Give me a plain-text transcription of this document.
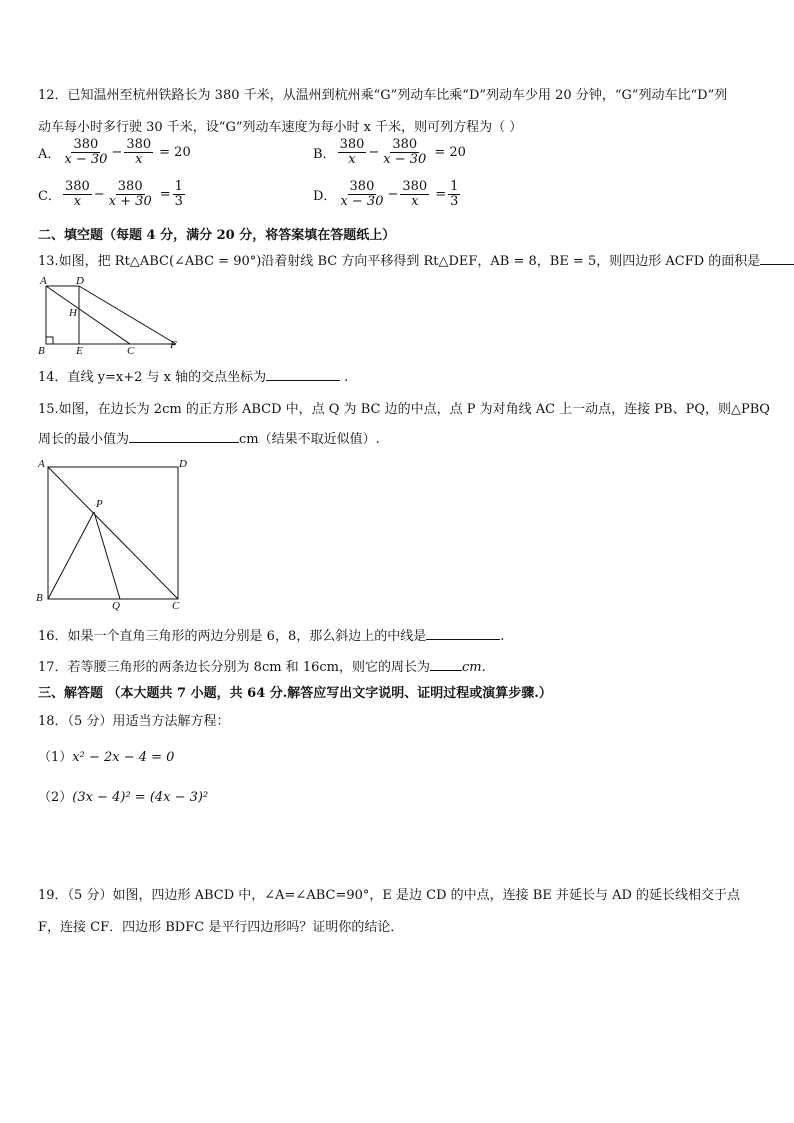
12．已知温州至杭州铁路长为 380 千米，从温州到杭州乘“G”列动车比乘“D”列动车少用 20 分钟，“G”列动车比“D”列
动车每小时多行驶 30 千米，设“G”列动车速度为每小时 x 千米，则可列方程为（ ）
A． $\frac{380}{x - 30} - \frac{380}{x} = 20$	B． $\frac{380}{x} - \frac{380}{x - 30} = 20$
C． $\frac{380}{x} - \frac{380}{x + 30} = \frac{1}{3}$	D． $\frac{380}{x - 30} - \frac{380}{x} = \frac{1}{3}$
二、填空题（每题 4 分，满分 20 分，将答案填在答题纸上）
13.如图，把 Rt△ABC(∠ABC = 90°)沿着射线 BC 方向平移得到 Rt△DEF，AB = 8，BE = 5，则四边形 ACFD 的面积是
A	D
H
B	E	C	F
14．直线 y=x+2 与 x 轴的交点坐标为	.
15.如图，在边长为 2cm 的正方形 ABCD 中，点 Q 为 BC 边的中点，点 P 为对角线 AC 上一动点，连接 PB、PQ，则△PBQ
周长的最小值为	cm（结果不取近似值）.
A	D
P
B
Q	C
16．如果一个直角三角形的两边分别是 6，8，那么斜边上的中线是	.
17．若等腰三角形的两条边长分别为 8cm 和 16cm，则它的周长为 cm.
三、解答题 （本大题共 7 小题，共 64 分.解答应写出文字说明、证明过程或演算步骤.）
18．（5 分）用适当方法解方程：
（1）x² − 2x − 4 = 0
（2）(3x − 4)² = (4x − 3)²
19．（5 分）如图，四边形 ABCD 中，∠A=∠ABC=90°，E 是边 CD 的中点，连接 BE 并延长与 AD 的延长线相交于点
F，连接 CF．四边形 BDFC 是平行四边形吗？证明你的结论．
